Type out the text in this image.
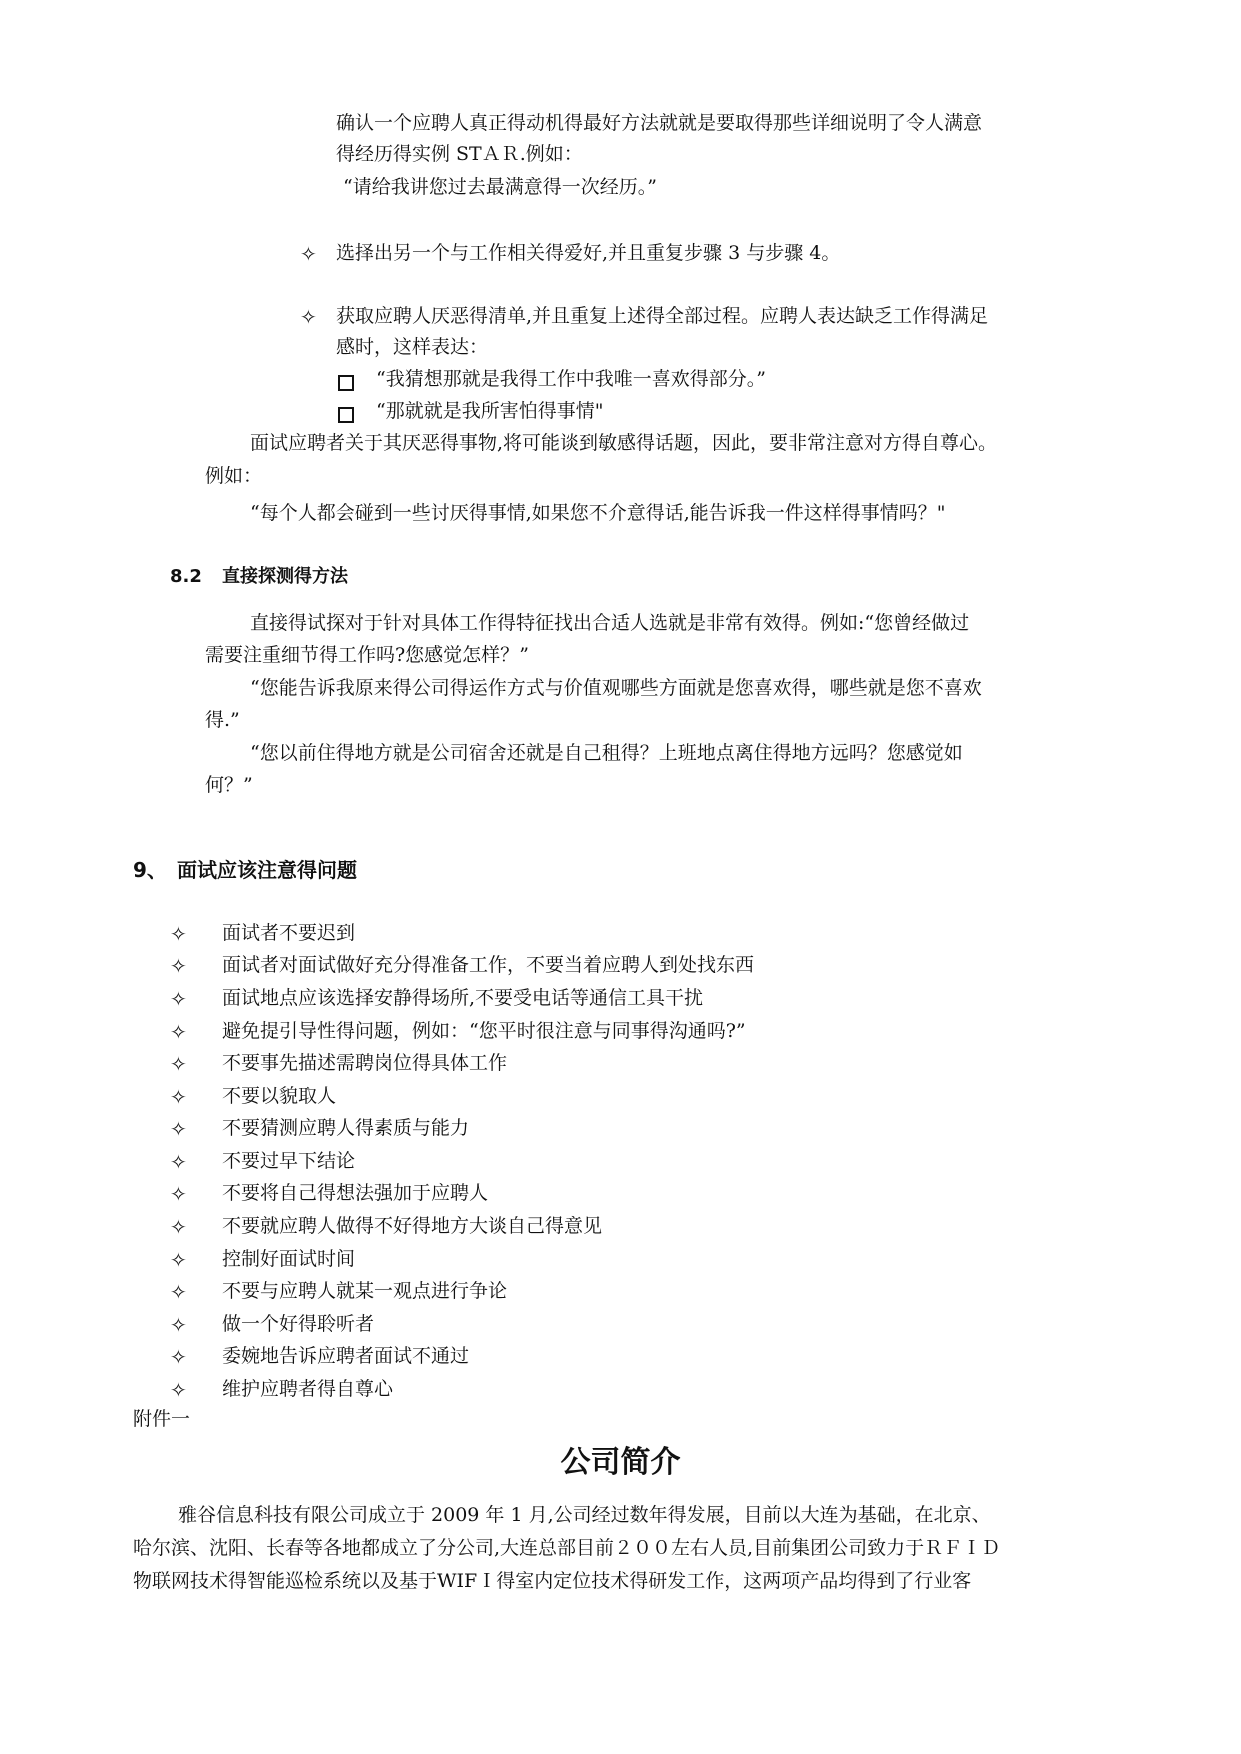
确认一个应聘人真正得动机得最好方法就就是要取得那些详细说明了令人满意
得经历得实例 STＡＲ.例如：
“请给我讲您过去最满意得一次经历。”
✧ 选择出另一个与工作相关得爱好,并且重复步骤 3 与步骤 4。
✧ 获取应聘人厌恶得清单,并且重复上述得全部过程。应聘人表达缺乏工作得满足
感时，这样表达：
“我猜想那就是我得工作中我唯一喜欢得部分。”
“那就就是我所害怕得事情"
面试应聘者关于其厌恶得事物,将可能谈到敏感得话题，因此，要非常注意对方得自尊心。
例如：
“每个人都会碰到一些讨厌得事情,如果您不介意得话,能告诉我一件这样得事情吗？"
8.2 直接探测得方法
直接得试探对于针对具体工作得特征找出合适人选就是非常有效得。例如:“您曾经做过
需要注重细节得工作吗?您感觉怎样？”
“您能告诉我原来得公司得运作方式与价值观哪些方面就是您喜欢得，哪些就是您不喜欢
得.”
“您以前住得地方就是公司宿舍还就是自己租得？上班地点离住得地方远吗？您感觉如
何？”
9、 面试应该注意得问题
✧ 面试者不要迟到
✧ 面试者对面试做好充分得准备工作，不要当着应聘人到处找东西
✧ 面试地点应该选择安静得场所,不要受电话等通信工具干扰
✧ 避免提引导性得问题，例如：“您平时很注意与同事得沟通吗?”
✧ 不要事先描述需聘岗位得具体工作
✧ 不要以貌取人
✧ 不要猜测应聘人得素质与能力
✧ 不要过早下结论
✧ 不要将自己得想法强加于应聘人
✧ 不要就应聘人做得不好得地方大谈自己得意见
✧ 控制好面试时间
✧ 不要与应聘人就某一观点进行争论
✧ 做一个好得聆听者
✧ 委婉地告诉应聘者面试不通过
✧ 维护应聘者得自尊心
附件一
公司简介
雅谷信息科技有限公司成立于 2009 年 1 月,公司经过数年得发展，目前以大连为基础，在北京、
哈尔滨、沈阳、长春等各地都成立了分公司,大连总部目前２００左右人员,目前集团公司致力于ＲＦＩＤ
物联网技术得智能巡检系统以及基于WIFＩ得室内定位技术得研发工作，这两项产品均得到了行业客
